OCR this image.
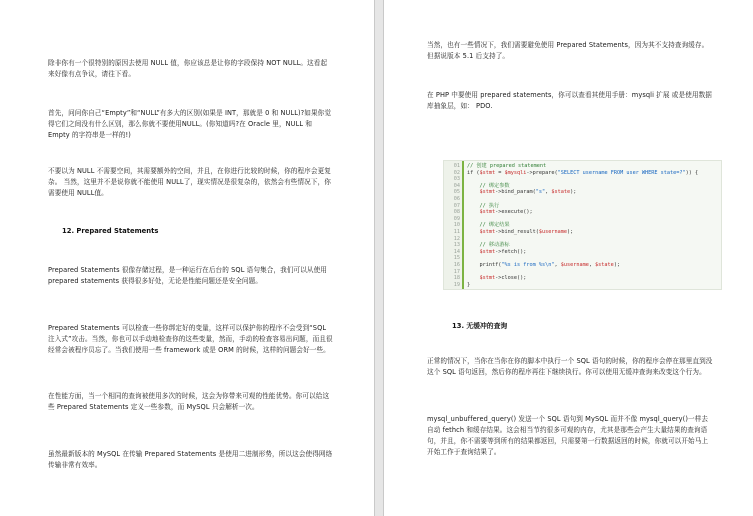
除非你有一个很特别的原因去使用 NULL 值，你应该总是让你的字段保持 NOT NULL。这看起来好像有点争议，请往下看。

首先，问问你自己“Empty”和“NULL”有多大的区别(如果是 INT，那就是 0 和 NULL)?如果你觉得它们之间没有什么区别，那么你就不要使用NULL。(你知道吗?在 Oracle 里，NULL 和 Empty 的字符串是一样的!)

不要以为 NULL 不需要空间，其需要额外的空间，并且，在你进行比较的时候，你的程序会更复杂。 当然，这里并不是说你就不能使用 NULL了，现实情况是很复杂的，依然会有些情况下，你需要使用 NULL值。

12. Prepared Statements

Prepared Statements 很像存储过程，是一种运行在后台的 SQL 语句集合，我们可以从使用 prepared statements 获得很多好处，无论是性能问题还是安全问题。

Prepared Statements 可以检查一些你绑定好的变量，这样可以保护你的程序不会受到“SQL 注入式”攻击。当然，你也可以手动地检查你的这些变量，然而，手动的检查容易出问题，而且很经常会被程序员忘了。当我们使用一些 framework 或是 ORM 的时候，这样的问题会好一些。

在性能方面，当一个相同的查询被使用多次的时候，这会为你带来可观的性能优势。你可以给这些 Prepared Statements 定义一些参数，而 MySQL 只会解析一次。

虽然最新版本的 MySQL 在传输 Prepared Statements 是使用二进制形势，所以这会使得网络传输非常有效率。

当然，也有一些情况下，我们需要避免使用 Prepared Statements，因为其不支持查询缓存。但据说版本 5.1 后支持了。

在 PHP 中要使用 prepared statements，你可以查看其使用手册：mysqli 扩展 或是使用数据库抽象层，如： PDO.

01 // 创建 prepared statement
02 if ($stmt = $mysqli->prepare("SELECT username FROM user WHERE state=?")) {
03
04 // 绑定参数
05	$stmt->bind_param("s", $state);
06
07 // 执行
08	$stmt->execute();
09
10 // 绑定结果
11	$stmt->bind_result($username);
12
13 // 移动游标
14	$stmt->fetch();
15
16 printf("%s is from %s\n", $username, $state);
17
18	$stmt->close();
19 }
13. 无缓冲的查询

正常的情况下，当你在当你在你的脚本中执行一个 SQL 语句的时候，你的程序会停在那里直到没这个 SQL 语句返回，然后你的程序再往下继续执行。你可以使用无缓冲查询来改变这个行为。

mysql_unbuffered_query() 发送一个 SQL 语句到 MySQL 而并不像 mysql_query()一样去自动 fethch 和缓存结果。这会相当节约很多可观的内存，尤其是那些会产生大量结果的查询语句，并且，你不需要等到所有的结果都返回，只需要第一行数据返回的时候，你就可以开始马上开始工作于查询结果了。
